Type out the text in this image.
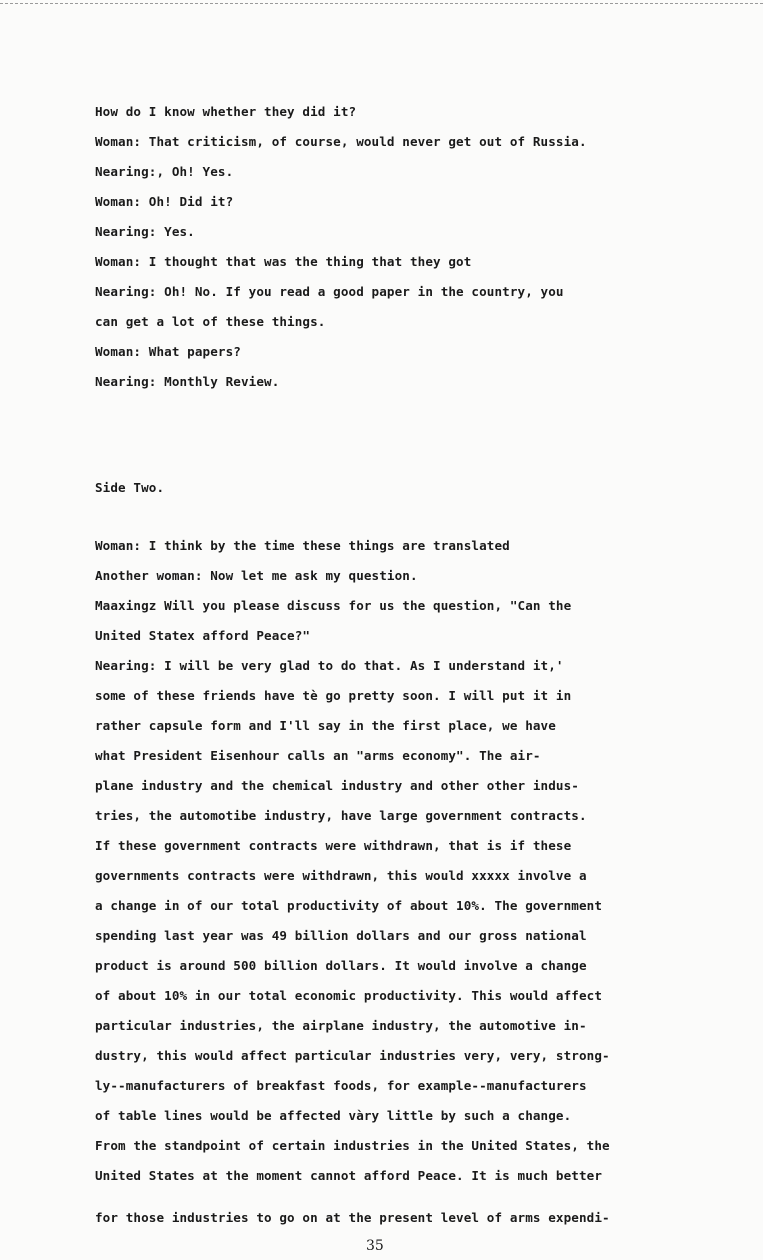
How do I know whether they did it?
Woman: That criticism, of course, would never get out of Russia.
Nearing:, Oh! Yes.
Woman: Oh! Did it?
Nearing: Yes.
Woman: I thought that was the thing that they got
Nearing: Oh! No. If you read a good paper in the country, you
can get a lot of these things.
Woman: What papers?
Nearing: Monthly Review.
Side Two.
Woman: I think by the time these things are translated
Another woman: Now let me ask my question.
Maaxingz Will you please discuss for us the question, "Can the
United Statex afford Peace?"
Nearing: I will be very glad to do that. As I understand it,'
some of these friends have tè go pretty soon. I will put it in
rather capsule form and I'll say in the first place, we have
what President Eisenhour calls an "arms economy". The air-
plane industry and the chemical industry and other other indus-
tries, the automotibe industry, have large government contracts.
If these government contracts were withdrawn, that is if these
governments contracts were withdrawn, this would xxxxx involve a
a change in of our total productivity of about 10%. The government
spending last year was 49 billion dollars and our gross national
product is around 500 billion dollars. It would involve a change
of about 10% in our total economic productivity. This would affect
particular industries, the airplane industry, the automotive in-
dustry, this would affect particular industries very, very, strong-
ly--manufacturers of breakfast foods, for example--manufacturers
of table lines would be affected vàry little by such a change.
From the standpoint of certain industries in the United States, the
United States at the moment cannot afford Peace. It is much better
for those industries to go on at the present level of arms expendi-
35
